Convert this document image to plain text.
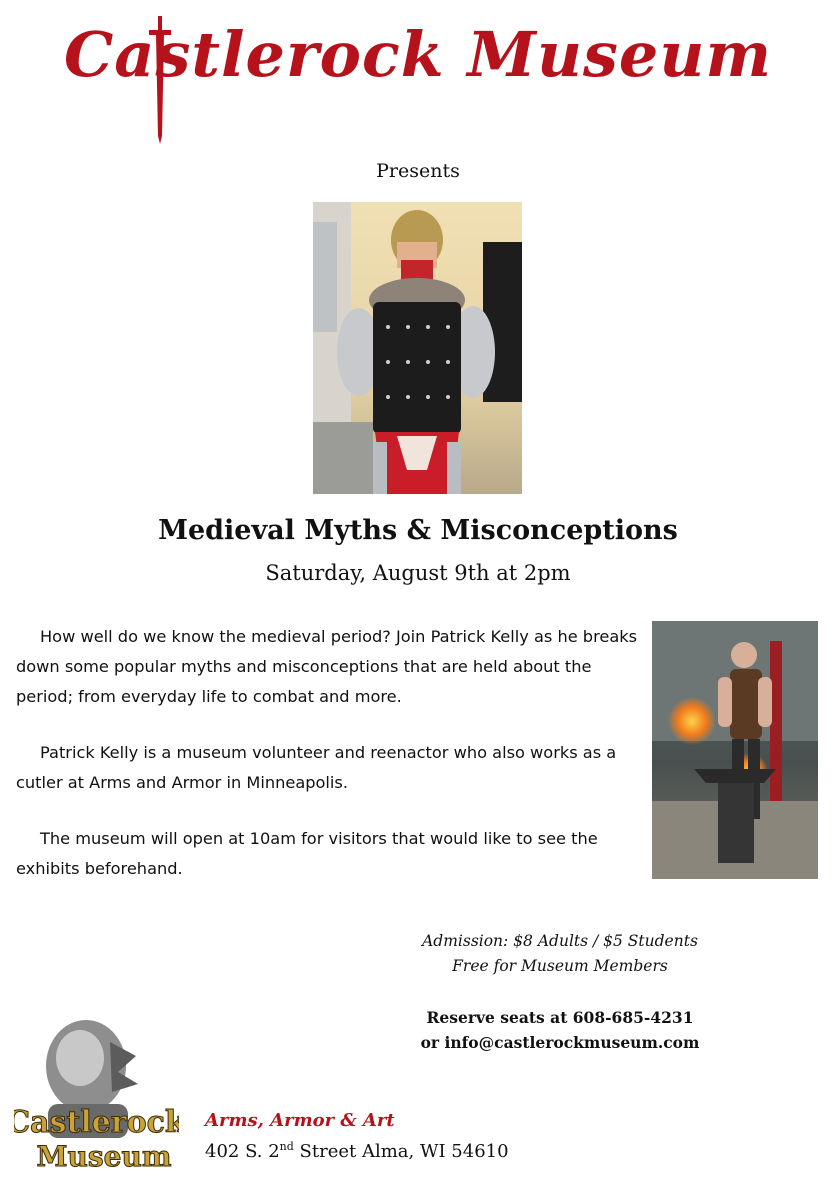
Castlerock Museum
Presents
Medieval Myths & Misconceptions
Saturday, August 9th at 2pm
How well do we know the medieval period? Join Patrick Kelly as he breaks down some popular myths and misconceptions that are held about the period; from everyday life to combat and more.
Patrick Kelly is a museum volunteer and reenactor who also works as a cutler at Arms and Armor in Minneapolis.
The museum will open at 10am for visitors that would like to see the exhibits beforehand.
Admission: $8 Adults / $5 Students
Free for Museum Members
Reserve seats at 608-685-4231
or info@castlerockmuseum.com
Castlerock
Museum
Arms, Armor & Art
402 S. 2nd Street Alma, WI 54610
